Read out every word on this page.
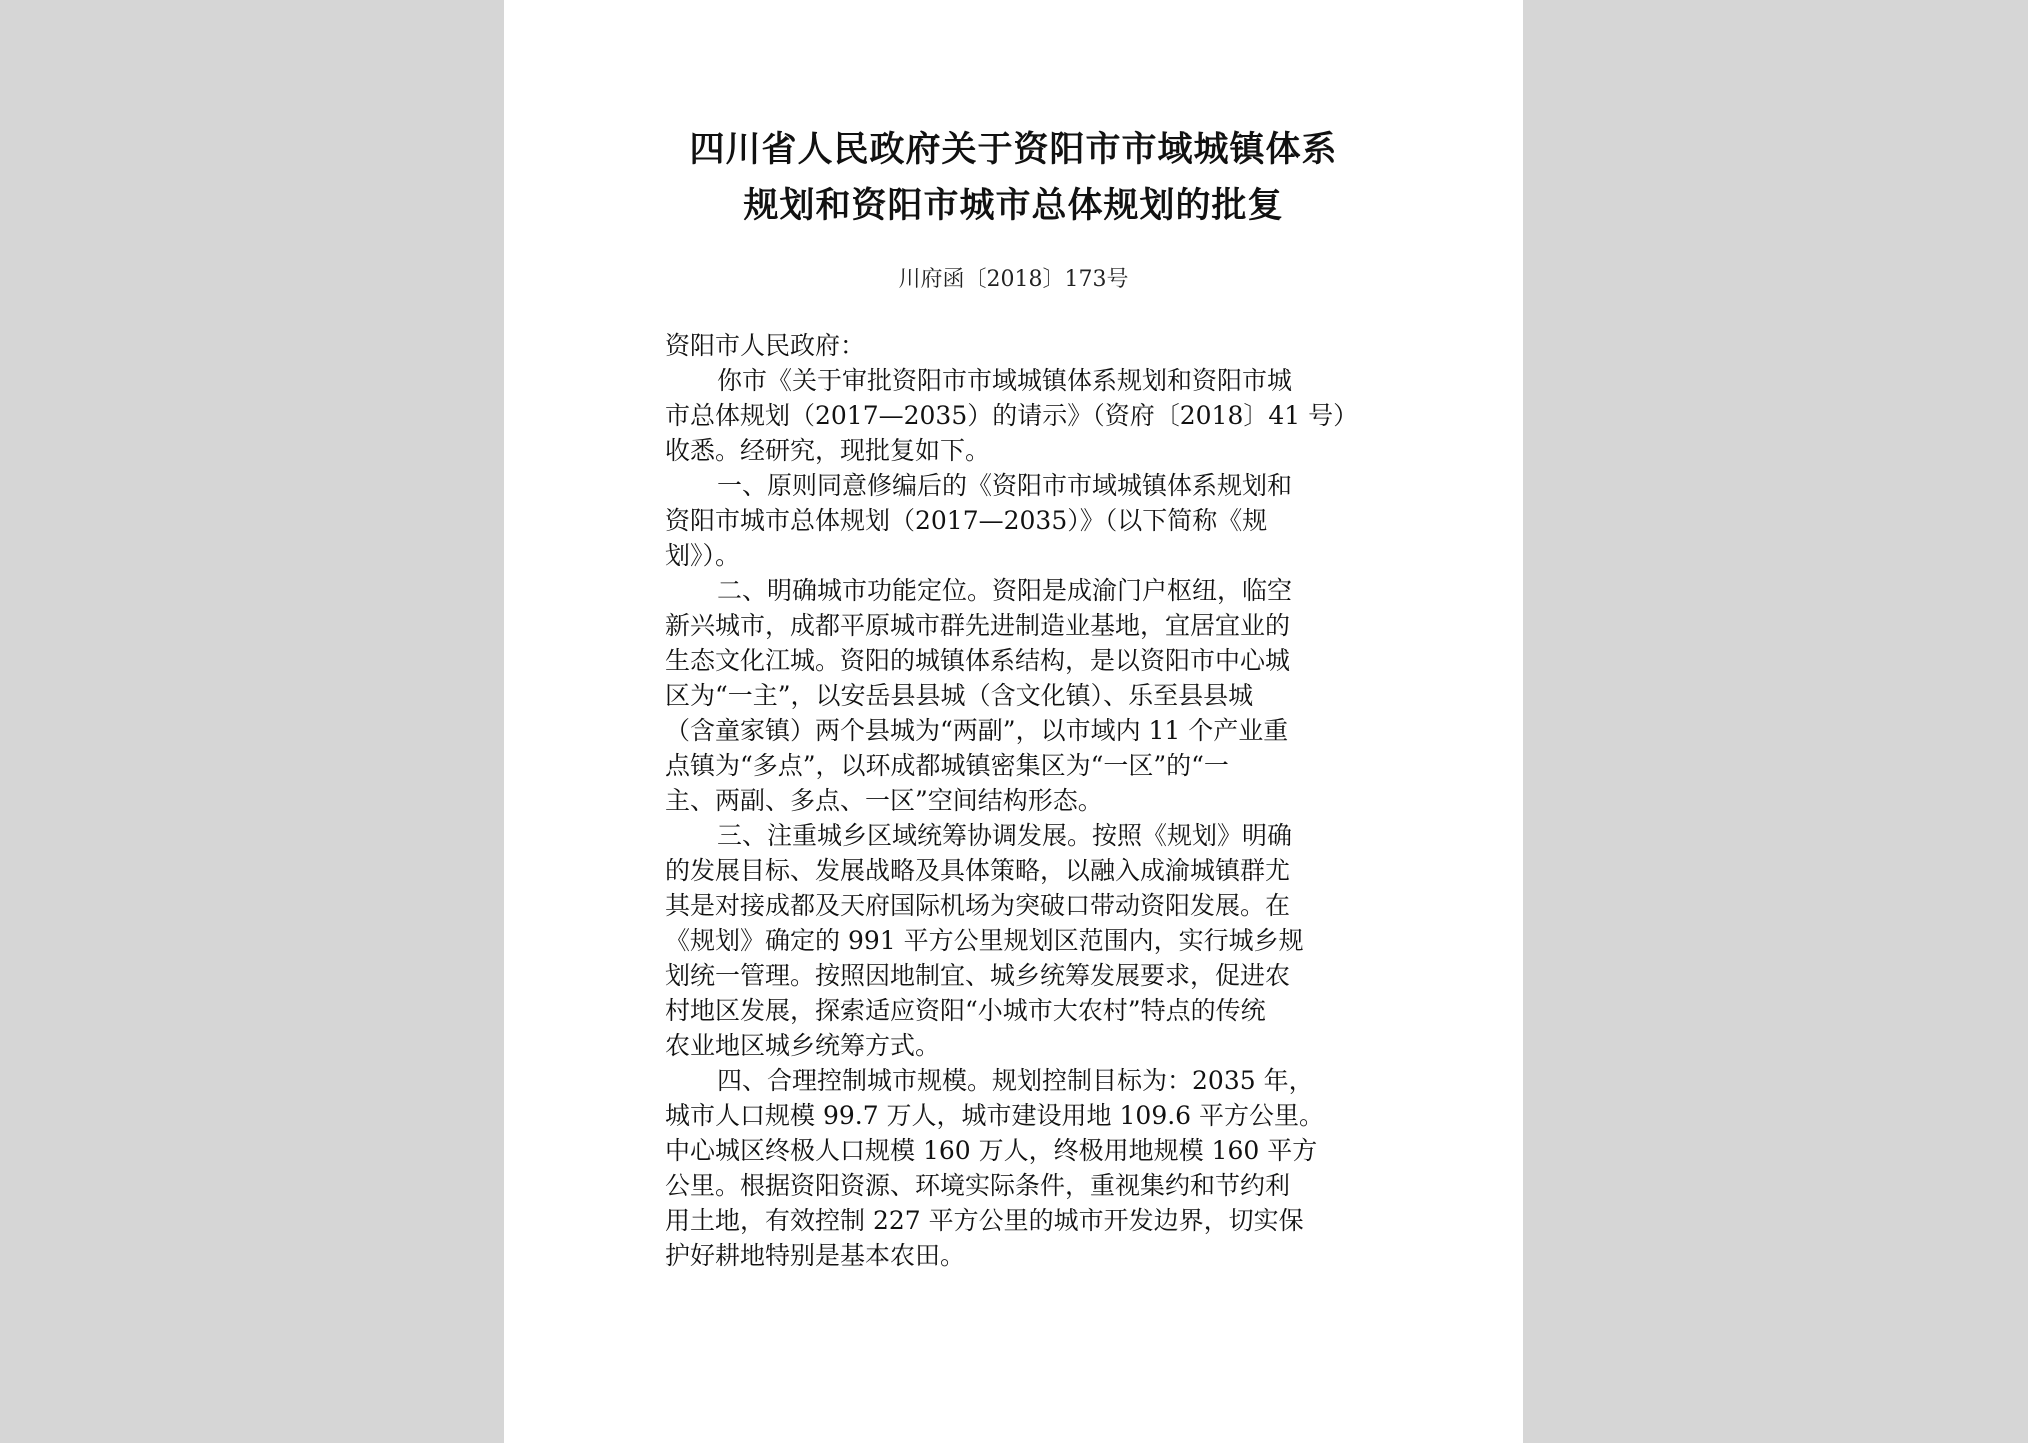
四川省人民政府关于资阳市市域城镇体系
规划和资阳市城市总体规划的批复
川府函〔2018〕173号
资阳市人民政府：
你市《关于审批资阳市市域城镇体系规划和资阳市城
市总体规划（2017—2035）的请示》（资府〔2018〕41 号）
收悉。经研究，现批复如下。
一、原则同意修编后的《资阳市市域城镇体系规划和
资阳市城市总体规划（2017—2035）》（以下简称《规
划》）。
二、明确城市功能定位。资阳是成渝门户枢纽，临空
新兴城市，成都平原城市群先进制造业基地，宜居宜业的
生态文化江城。资阳的城镇体系结构，是以资阳市中心城
区为“一主”，以安岳县县城（含文化镇）、乐至县县城
（含童家镇）两个县城为“两副”，以市域内 11 个产业重
点镇为“多点”，以环成都城镇密集区为“一区”的“一
主、两副、多点、一区”空间结构形态。
三、注重城乡区域统筹协调发展。按照《规划》明确
的发展目标、发展战略及具体策略，以融入成渝城镇群尤
其是对接成都及天府国际机场为突破口带动资阳发展。在
《规划》确定的 991 平方公里规划区范围内，实行城乡规
划统一管理。按照因地制宜、城乡统筹发展要求，促进农
村地区发展，探索适应资阳“小城市大农村”特点的传统
农业地区城乡统筹方式。
四、合理控制城市规模。规划控制目标为：2035 年，
城市人口规模 99.7 万人，城市建设用地 109.6 平方公里。
中心城区终极人口规模 160 万人，终极用地规模 160 平方
公里。根据资阳资源、环境实际条件，重视集约和节约利
用土地，有效控制 227 平方公里的城市开发边界，切实保
护好耕地特别是基本农田。
